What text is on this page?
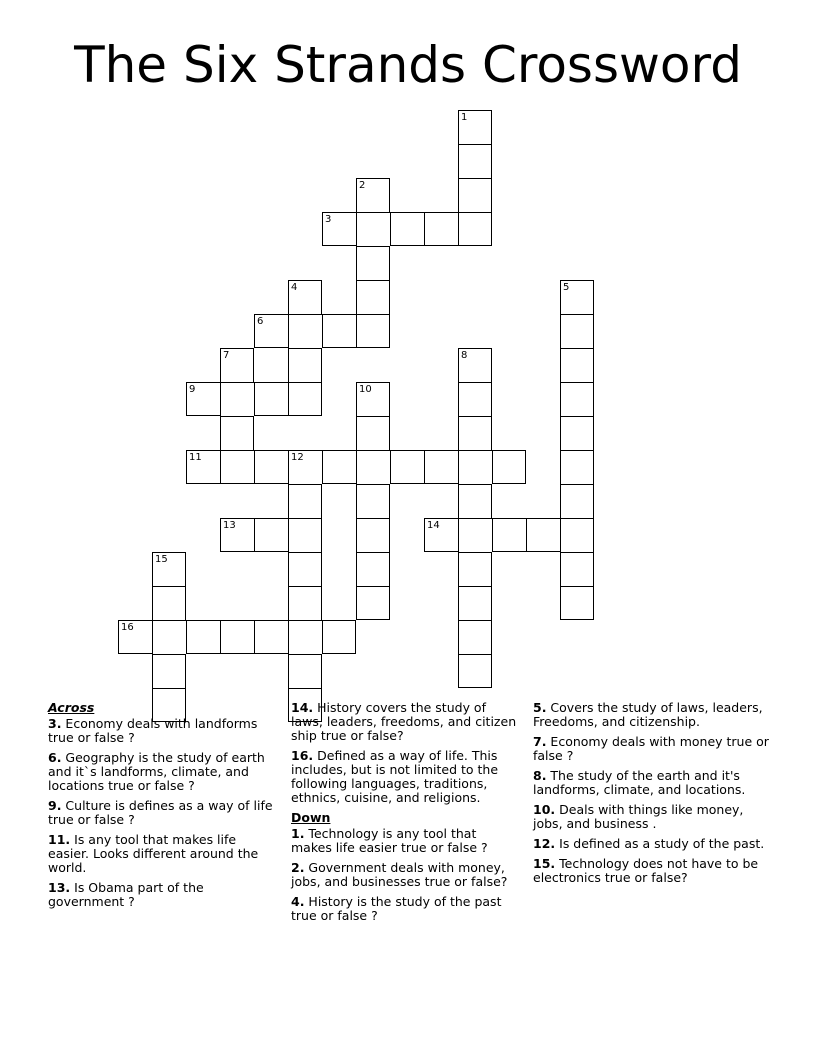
The Six Strands Crossword
1
2
3
4	5
6
7	8
9	10
11	12
13	14
15
16
Across
3. Economy deals with landforms true or false ?
6. Geography is the study of earth and it`s landforms, climate, and locations true or false ?
9. Culture is defines as a way of life true or false ?
11. Is any tool that makes life easier. Looks different around the world.
13. Is Obama part of the government ?
14. History covers the study of laws, leaders, freedoms, and citizen ship true or false?
16. Defined as a way of life. This includes, but is not limited to the following languages, traditions, ethnics, cuisine, and religions.
Down
1. Technology is any tool that makes life easier true or false ?
2. Government deals with money, jobs, and businesses true or false?
4. History is the study of the past true or false ?
5. Covers the study of laws, leaders, Freedoms, and citizenship.
7. Economy deals with money true or false ?
8. The study of the earth and it's landforms, climate, and locations.
10. Deals with things like money, jobs, and business .
12. Is defined as a study of the past.
15. Technology does not have to be electronics true or false?
